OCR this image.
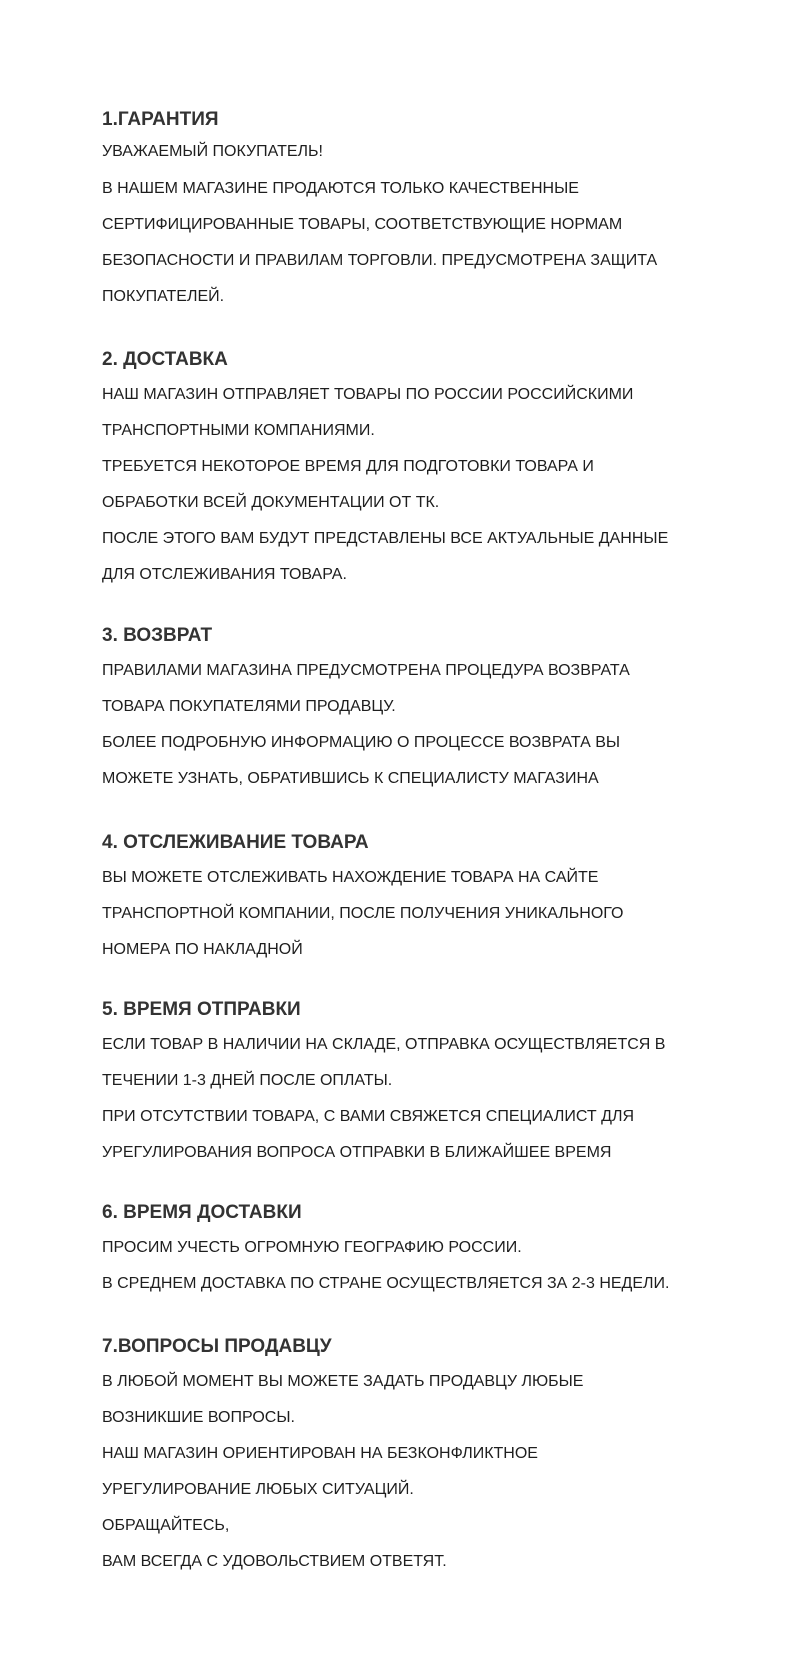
1.ГАРАНТИЯ
УВАЖАЕМЫЙ ПОКУПАТЕЛЬ!
В НАШЕМ МАГАЗИНЕ ПРОДАЮТСЯ ТОЛЬКО КАЧЕСТВЕННЫЕ
СЕРТИФИЦИРОВАННЫЕ ТОВАРЫ, СООТВЕТСТВУЮЩИЕ НОРМАМ
БЕЗОПАСНОСТИ И ПРАВИЛАМ ТОРГОВЛИ. ПРЕДУСМОТРЕНА ЗАЩИТА
ПОКУПАТЕЛЕЙ.
2. ДОСТАВКА
НАШ МАГАЗИН ОТПРАВЛЯЕТ ТОВАРЫ ПО РОССИИ РОССИЙСКИМИ
ТРАНСПОРТНЫМИ КОМПАНИЯМИ.
ТРЕБУЕТСЯ НЕКОТОРОЕ ВРЕМЯ ДЛЯ ПОДГОТОВКИ ТОВАРА И
ОБРАБОТКИ ВСЕЙ ДОКУМЕНТАЦИИ ОТ ТК.
ПОСЛЕ ЭТОГО ВАМ БУДУТ ПРЕДСТАВЛЕНЫ ВСЕ АКТУАЛЬНЫЕ ДАННЫЕ
ДЛЯ ОТСЛЕЖИВАНИЯ ТОВАРА.
3. ВОЗВРАТ
ПРАВИЛАМИ МАГАЗИНА ПРЕДУСМОТРЕНА ПРОЦЕДУРА ВОЗВРАТА
ТОВАРА ПОКУПАТЕЛЯМИ ПРОДАВЦУ.
БОЛЕЕ ПОДРОБНУЮ ИНФОРМАЦИЮ О ПРОЦЕССЕ ВОЗВРАТА ВЫ
МОЖЕТЕ УЗНАТЬ, ОБРАТИВШИСЬ К СПЕЦИАЛИСТУ МАГАЗИНА
4. ОТСЛЕЖИВАНИЕ ТОВАРА
ВЫ МОЖЕТЕ ОТСЛЕЖИВАТЬ НАХОЖДЕНИЕ ТОВАРА НА САЙТЕ
ТРАНСПОРТНОЙ КОМПАНИИ, ПОСЛЕ ПОЛУЧЕНИЯ УНИКАЛЬНОГО
НОМЕРА ПО НАКЛАДНОЙ
5. ВРЕМЯ ОТПРАВКИ
ЕСЛИ ТОВАР В НАЛИЧИИ НА СКЛАДЕ, ОТПРАВКА ОСУЩЕСТВЛЯЕТСЯ В
ТЕЧЕНИИ 1-3 ДНЕЙ ПОСЛЕ ОПЛАТЫ.
ПРИ ОТСУТСТВИИ ТОВАРА, С ВАМИ СВЯЖЕТСЯ СПЕЦИАЛИСТ ДЛЯ
УРЕГУЛИРОВАНИЯ ВОПРОСА ОТПРАВКИ В БЛИЖАЙШЕЕ ВРЕМЯ
6. ВРЕМЯ ДОСТАВКИ
ПРОСИМ УЧЕСТЬ ОГРОМНУЮ ГЕОГРАФИЮ РОССИИ.
В СРЕДНЕМ ДОСТАВКА ПО СТРАНЕ ОСУЩЕСТВЛЯЕТСЯ ЗА 2-3 НЕДЕЛИ.
7.ВОПРОСЫ ПРОДАВЦУ
В ЛЮБОЙ МОМЕНТ ВЫ МОЖЕТЕ ЗАДАТЬ ПРОДАВЦУ ЛЮБЫЕ
ВОЗНИКШИЕ ВОПРОСЫ.
НАШ МАГАЗИН ОРИЕНТИРОВАН НА БЕЗКОНФЛИКТНОЕ
УРЕГУЛИРОВАНИЕ ЛЮБЫХ СИТУАЦИЙ.
ОБРАЩАЙТЕСЬ,
ВАМ ВСЕГДА С УДОВОЛЬСТВИЕМ ОТВЕТЯТ.
